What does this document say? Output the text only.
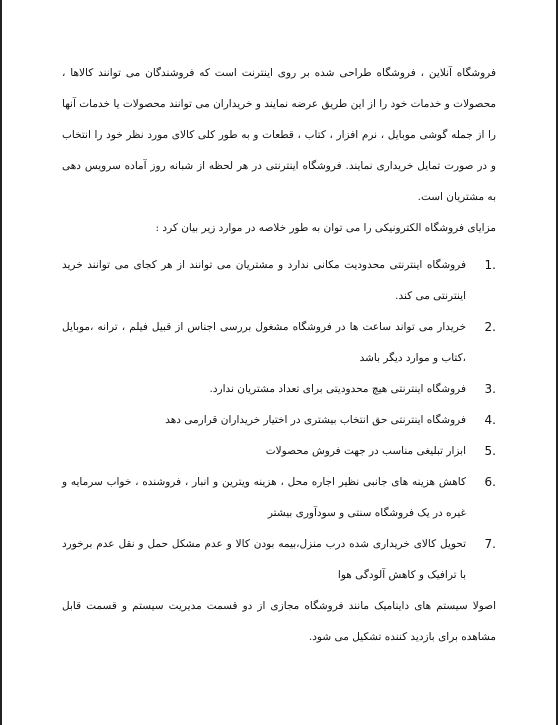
فروشگاه آنلاین ، فروشگاه طراحی شده بر روی اینترنت است که فروشندگان می توانند کالاها ، محصولات و خدمات خود را از این طریق عرضه نمایند و خریداران می توانند محصولات یا خدمات آنها را از جمله گوشی موبایل ، نرم افزار ، کتاب ، قطعات و به طور کلی کالای مورد نظر خود را انتخاب و در صورت تمایل خریداری نمایند. فروشگاه اینترنتی در هر لحظه از شبانه روز آماده سرویس دهی به مشتریان است.

مزایای فروشگاه الکترونیکی را می توان به طور خلاصه در موارد زیر بیان کرد :

1.
فروشگاه اینترنتی محدودیت مکانی ندارد و مشتریان می توانند از هر کجای می توانند خرید اینترنتی می کند.
2.
خریدار می تواند ساعت ها در فروشگاه مشغول بررسی اجناس از قبیل فیلم ، ترانه ،موبایل ،کتاب و موارد دیگر باشد
3.
فروشگاه اینترنتی هیچ محدودیتی برای تعداد مشتریان ندارد.
4.
فروشگاه اینترنتی حق انتخاب بیشتری در اختیار خریداران قرارمی دهد
5.
ابزار تبلیغی مناسب در جهت فروش محصولات
6.
کاهش هزینه های جانبی نظیر اجاره محل ، هزینه ویترین و انبار ، فروشنده ، خواب سرمایه و غیره در یک فروشگاه سنتی و سودآوری بیشتر
7.
تحویل کالای خریداری شده درب منزل،بیمه بودن کالا و عدم مشکل حمل و نقل عدم برخورد با ترافیک و کاهش آلودگی هوا

اصولا سیستم های داینامیک مانند فروشگاه مجازی از دو قسمت مدیریت سیستم و قسمت قابل مشاهده برای بازدید کننده تشکیل می شود.
